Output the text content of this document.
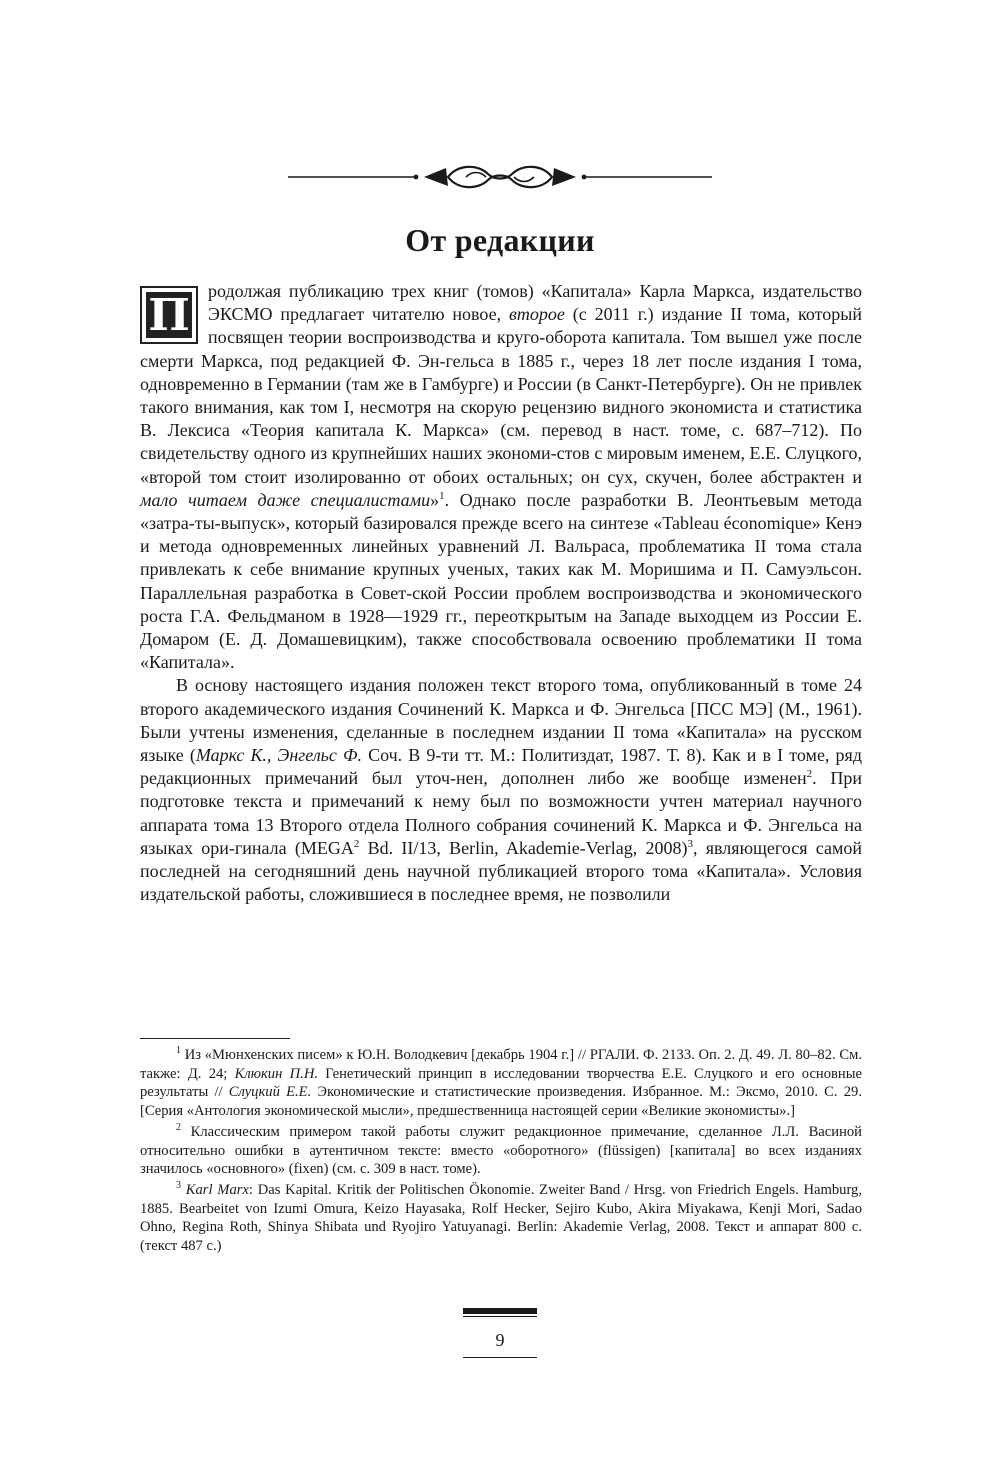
От редакции

П родолжая публикацию трех книг (томов) «Капитала» Карла Маркса, издательство ЭКСМО предлагает читателю новое, второе (с 2011 г.) издание II тома, который посвящен теории воспроизводства и круго-оборота капитала. Том вышел уже после смерти Маркса, под редакцией Ф. Эн-гельса в 1885 г., через 18 лет после издания I тома, одновременно в Германии (там же в Гамбурге) и России (в Санкт-Петербурге). Он не привлек такого внимания, как том I, несмотря на скорую рецензию видного экономиста и статистика В. Лексиса «Теория капитала К. Маркса» (см. перевод в наст. томе, с. 687–712). По свидетельству одного из крупнейших наших экономи-стов с мировым именем, Е.Е. Слуцкого, «второй том стоит изолированно от обоих остальных; он сух, скучен, более абстрактен и мало читаем даже специалистами»$^1$. Однако после разработки В. Леонтьевым метода «затра-ты-выпуск», который базировался прежде всего на синтезе «Tableau économique» Кенэ и метода одновременных линейных уравнений Л. Вальраса, проблематика II тома стала привлекать к себе внимание крупных ученых, таких как М. Моришима и П. Самуэльсон. Параллельная разработка в Совет-ской России проблем воспроизводства и экономического роста Г.А. Фельдманом в 1928—1929 гг., переоткрытым на Западе выходцем из России Е. Домаром (Е. Д. Домашевицким), также способствовала освоению проблематики II тома «Капитала».

В основу настоящего издания положен текст второго тома, опубликованный в томе 24 второго академического издания Сочинений К. Маркса и Ф. Энгельса [ПСС МЭ] (М., 1961). Были учтены изменения, сделанные в последнем издании II тома «Капитала» на русском языке (Маркс К., Энгельс Ф. Соч. В 9-ти тт. М.: Политиздат, 1987. Т. 8). Как и в I томе, ряд редакционных примечаний был уточ-нен, дополнен либо же вообще изменен$^2$. При подготовке текста и примечаний к нему был по возможности учтен материал научного аппарата тома 13 Второго отдела Полного собрания сочинений К. Маркса и Ф. Энгельса на языках ори-гинала (MEGA$^2$ Bd. II/13, Berlin, Akademie-Verlag, 2008)$^3$, являющегося самой последней на сегодняшний день научной публикацией второго тома «Капитала». Условия издательской работы, сложившиеся в последнее время, не позволили

$^1$ Из «Мюнхенских писем» к Ю.Н. Володкевич [декабрь 1904 г.] // РГАЛИ. Ф. 2133. Оп. 2. Д. 49. Л. 80–82. См. также: Д. 24; Клюкин П.Н. Генетический принцип в исследовании творчества Е.Е. Слуцкого и его основные результаты // Слуцкий Е.Е. Экономические и статистические произведения. Избранное. М.: Эксмо, 2010. С. 29. [Серия «Антология экономической мысли», предшественница настоящей серии «Великие экономисты».]

$^2$ Классическим примером такой работы служит редакционное примечание, сделанное Л.Л. Васиной относительно ошибки в аутентичном тексте: вместо «оборотного» (flüssigen) [капитала] во всех изданиях значилось «основного» (fixen) (см. с. 309 в наст. томе).

$^3$ Karl Marx: Das Kapital. Kritik der Politischen Ökonomie. Zweiter Band / Hrsg. von Friedrich Engels. Hamburg, 1885. Bearbeitet von Izumi Omura, Keizo Hayasaka, Rolf Hecker, Sejiro Kubo, Akira Miyakawa, Kenji Mori, Sadao Ohno, Regina Roth, Shinya Shibata und Ryojiro Yatuyanagi. Berlin: Akademie Verlag, 2008. Текст и аппарат 800 с. (текст 487 с.)

9
